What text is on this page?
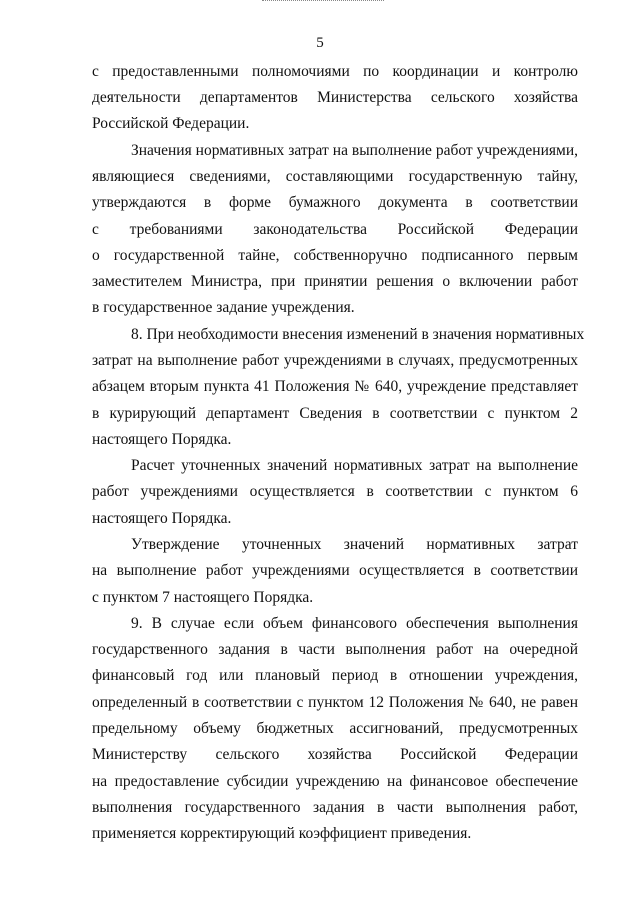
5
с предоставленными полномочиями по координации и контролю
деятельности департаментов Министерства сельского хозяйства
Российской Федерации.
Значения нормативных затрат на выполнение работ учреждениями,
являющиеся сведениями, составляющими государственную тайну,
утверждаются в форме бумажного документа в соответствии
с требованиями законодательства Российской Федерации
о государственной тайне, собственноручно подписанного первым
заместителем Министра, при принятии решения о включении работ
в государственное задание учреждения.
8. При необходимости внесения изменений в значения нормативных
затрат на выполнение работ учреждениями в случаях, предусмотренных
абзацем вторым пункта 41 Положения № 640, учреждение представляет
в курирующий департамент Сведения в соответствии с пунктом 2
настоящего Порядка.
Расчет уточненных значений нормативных затрат на выполнение
работ учреждениями осуществляется в соответствии с пунктом 6
настоящего Порядка.
Утверждение уточненных значений нормативных затрат
на выполнение работ учреждениями осуществляется в соответствии
с пунктом 7 настоящего Порядка.
9. В случае если объем финансового обеспечения выполнения
государственного задания в части выполнения работ на очередной
финансовый год или плановый период в отношении учреждения,
определенный в соответствии с пунктом 12 Положения № 640, не равен
предельному объему бюджетных ассигнований, предусмотренных
Министерству сельского хозяйства Российской Федерации
на предоставление субсидии учреждению на финансовое обеспечение
выполнения государственного задания в части выполнения работ,
применяется корректирующий коэффициент приведения.
